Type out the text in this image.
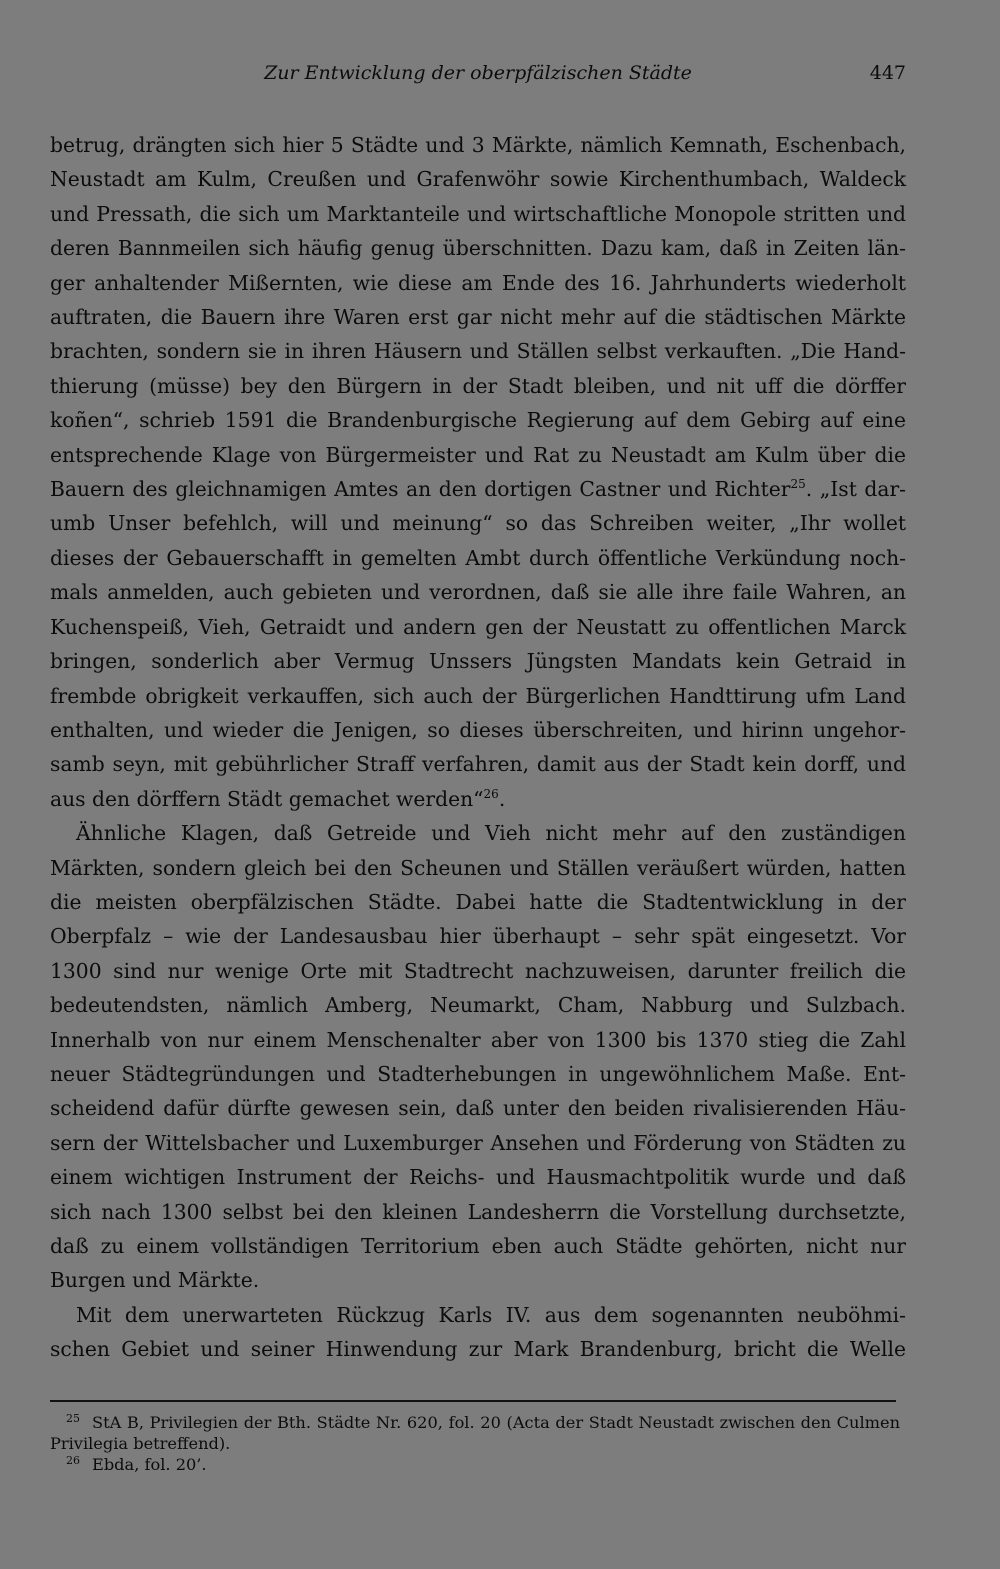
Zur Entwicklung der oberpfälzischen Städte	447

betrug, drängten sich hier 5 Städte und 3 Märkte, nämlich Kemnath, Eschenbach,
Neustadt am Kulm, Creußen und Grafenwöhr sowie Kirchenthumbach, Waldeck
und Pressath, die sich um Marktanteile und wirtschaftliche Monopole stritten und
deren Bannmeilen sich häufig genug überschnitten. Dazu kam, daß in Zeiten län-
ger anhaltender Mißernten, wie diese am Ende des 16. Jahrhunderts wiederholt
auftraten, die Bauern ihre Waren erst gar nicht mehr auf die städtischen Märkte
brachten, sondern sie in ihren Häusern und Ställen selbst verkauften. „Die Hand-
thierung (müsse) bey den Bürgern in der Stadt bleiben, und nit uff die dörffer
koñen“, schrieb 1591 die Brandenburgische Regierung auf dem Gebirg auf eine
entsprechende Klage von Bürgermeister und Rat zu Neustadt am Kulm über die
Bauern des gleichnamigen Amtes an den dortigen Castner und Richter$^{25}$. „Ist dar-
umb Unser befehlch, will und meinung“ so das Schreiben weiter, „Ihr wollet
dieses der Gebauerschafft in gemelten Ambt durch öffentliche Verkündung noch-
mals anmelden, auch gebieten und verordnen, daß sie alle ihre faile Wahren, an
Kuchenspeiß, Vieh, Getraidt und andern gen der Neustatt zu offentlichen Marck
bringen, sonderlich aber Vermug Unssers Jüngsten Mandats kein Getraid in
frembde obrigkeit verkauffen, sich auch der Bürgerlichen Handttirung ufm Land
enthalten, und wieder die Jenigen, so dieses überschreiten, und hirinn ungehor-
samb seyn, mit gebührlicher Straff verfahren, damit aus der Stadt kein dorff, und
aus den dörffern Städt gemachet werden“$^{26}$.

Ähnliche Klagen, daß Getreide und Vieh nicht mehr auf den zuständigen
Märkten, sondern gleich bei den Scheunen und Ställen veräußert würden, hatten
die meisten oberpfälzischen Städte. Dabei hatte die Stadtentwicklung in der
Oberpfalz – wie der Landesausbau hier überhaupt – sehr spät eingesetzt. Vor
1300 sind nur wenige Orte mit Stadtrecht nachzuweisen, darunter freilich die
bedeutendsten, nämlich Amberg, Neumarkt, Cham, Nabburg und Sulzbach.
Innerhalb von nur einem Menschenalter aber von 1300 bis 1370 stieg die Zahl
neuer Städtegründungen und Stadterhebungen in ungewöhnlichem Maße. Ent-
scheidend dafür dürfte gewesen sein, daß unter den beiden rivalisierenden Häu-
sern der Wittelsbacher und Luxemburger Ansehen und Förderung von Städten zu
einem wichtigen Instrument der Reichs- und Hausmachtpolitik wurde und daß
sich nach 1300 selbst bei den kleinen Landesherrn die Vorstellung durchsetzte,
daß zu einem vollständigen Territorium eben auch Städte gehörten, nicht nur
Burgen und Märkte.

Mit dem unerwarteten Rückzug Karls IV. aus dem sogenannten neuböhmi-
schen Gebiet und seiner Hinwendung zur Mark Brandenburg, bricht die Welle

$^{25}$ StA B, Privilegien der Bth. Städte Nr. 620, fol. 20 (Acta der Stadt Neustadt zwischen den Culmen Privilegia betreffend).

$^{26}$ Ebda, fol. 20’.
